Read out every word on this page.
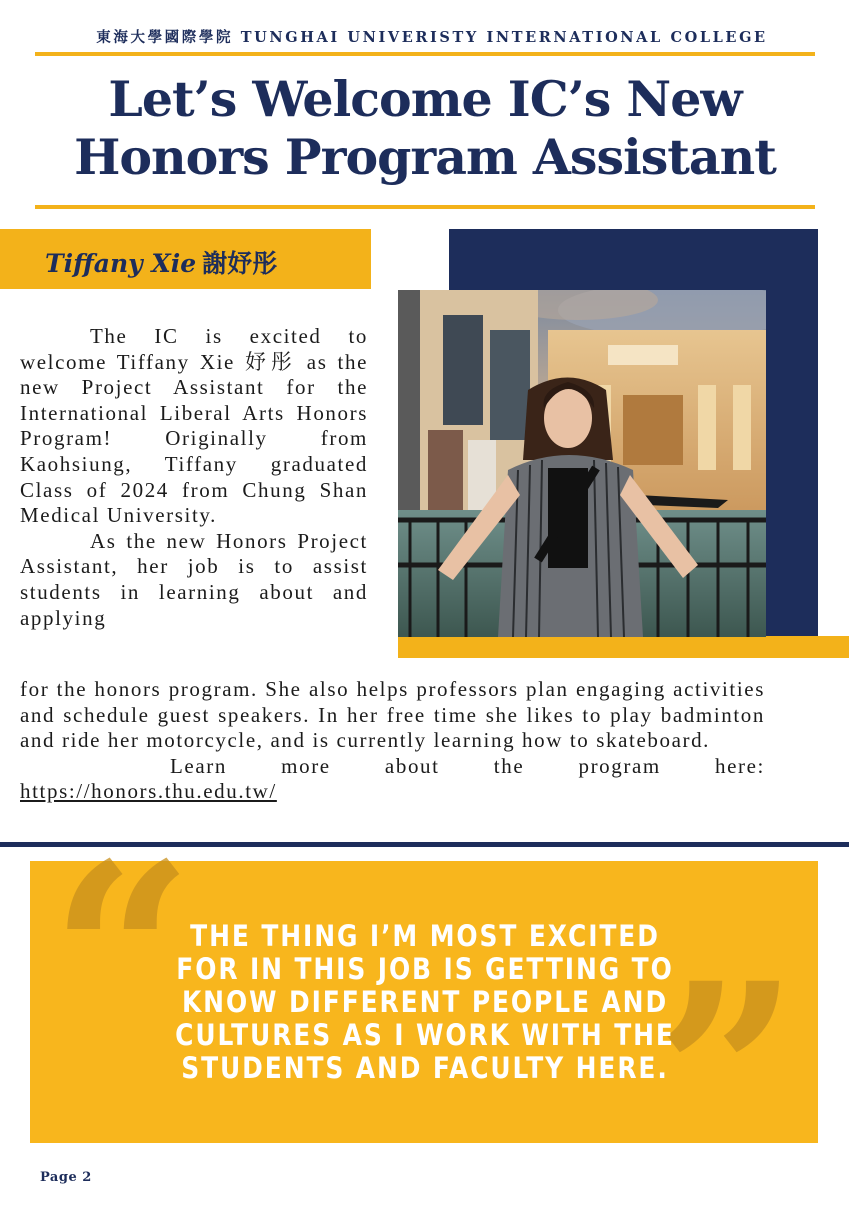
東海大學國際學院 TUNGHAI UNIVERISTY INTERNATIONAL COLLEGE
Let’s Welcome IC’s New
Honors Program Assistant
Tiffany Xie 謝妤彤

The IC is excited to welcome Tiffany Xie 妤彤 as the new Project Assistant for the International Liberal Arts Honors Program! Originally from Kaohsiung, Tiffany graduated Class of 2024 from Chung Shan Medical University.

As the new Honors Project Assistant, her job is to assist students in learning about and applying

for the honors program. She also helps professors plan engaging activities and schedule guest speakers. In her free time she likes to play badminton and ride her motorcycle, and is currently learning how to skateboard.

Learn more about the program here:

https://honors.thu.edu.tw/

“ ”
THE THING I’M MOST EXCITED FOR IN THIS JOB IS GETTING TO KNOW DIFFERENT PEOPLE AND CULTURES AS I WORK WITH THE STUDENTS AND FACULTY HERE.
Page 2
